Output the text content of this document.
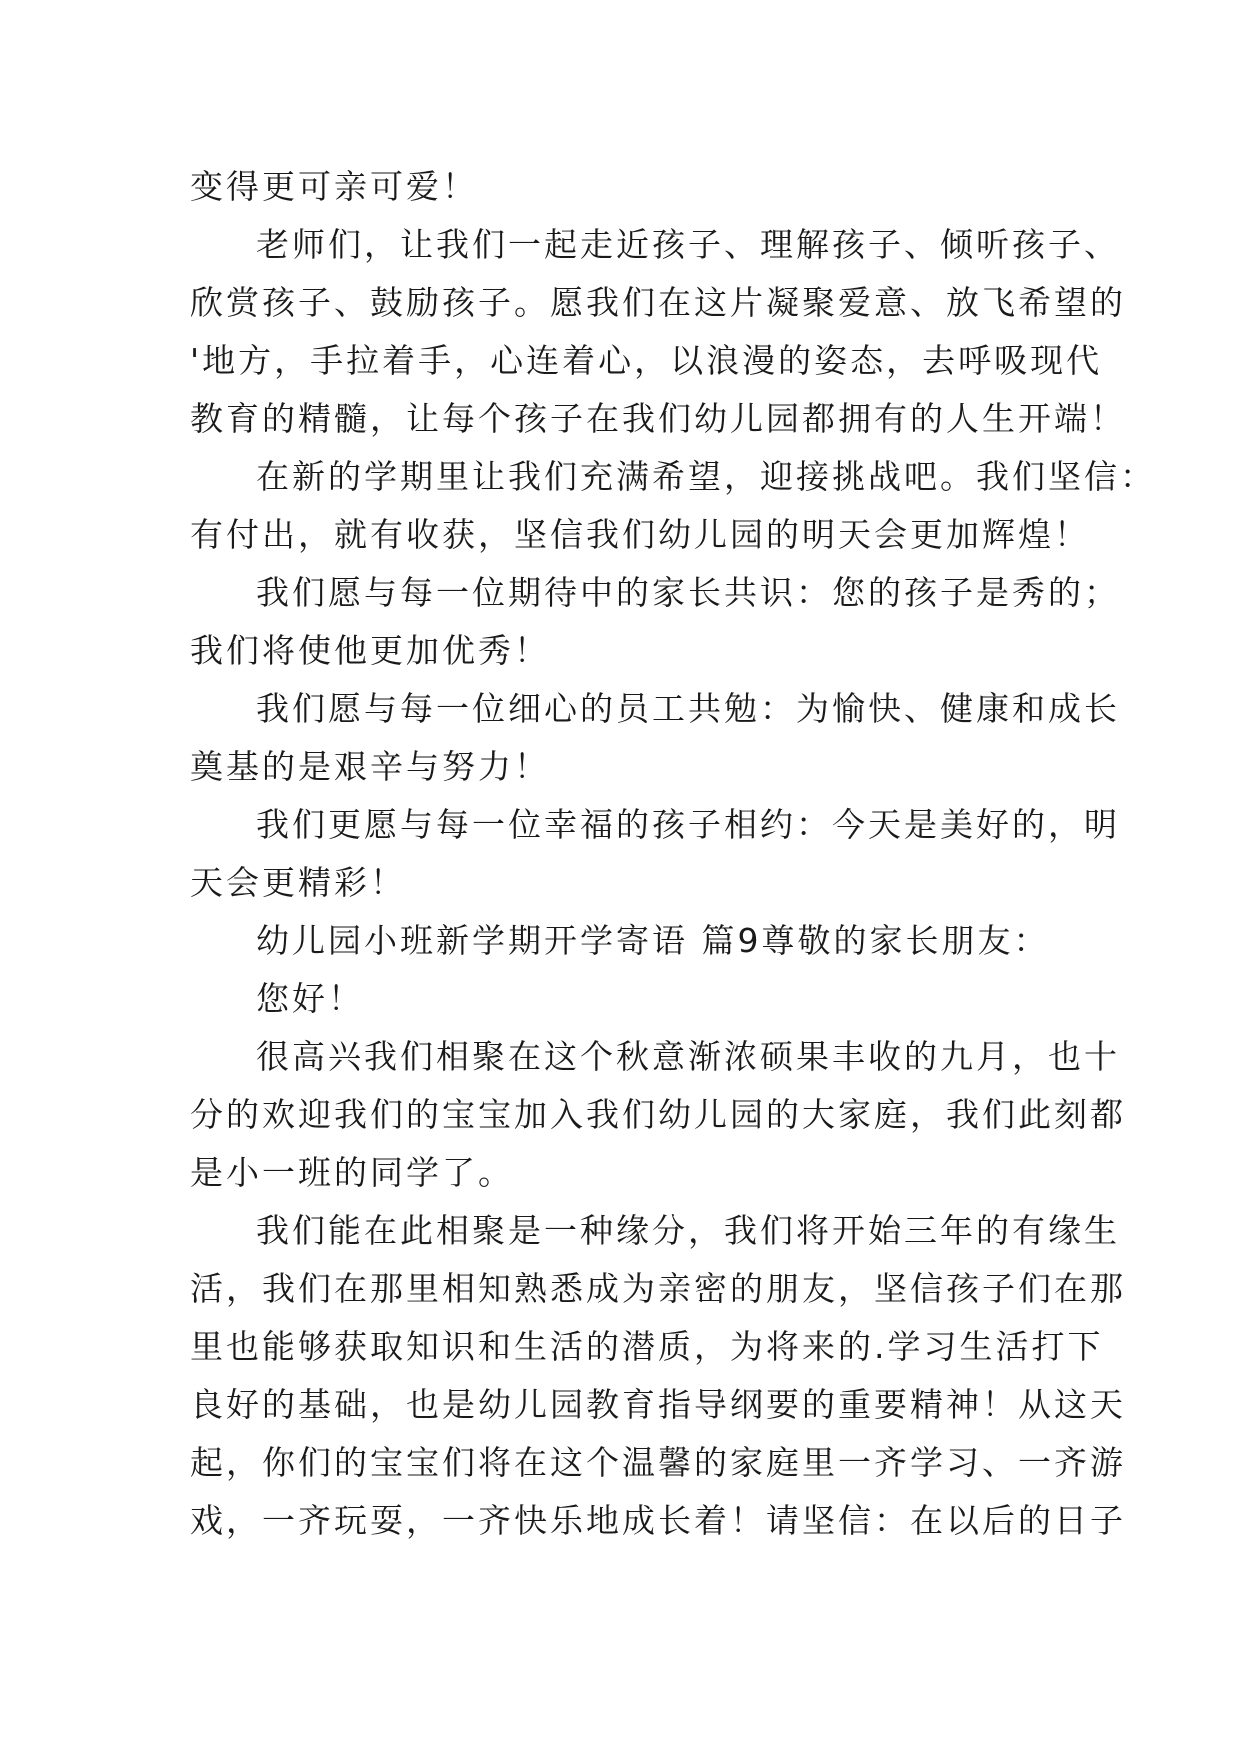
变得更可亲可爱！
老师们，让我们一起走近孩子、理解孩子、倾听孩子、
欣赏孩子、鼓励孩子。愿我们在这片凝聚爱意、放飞希望的
'地方，手拉着手，心连着心，以浪漫的姿态，去呼吸现代
教育的精髓，让每个孩子在我们幼儿园都拥有的人生开端！
在新的学期里让我们充满希望，迎接挑战吧。我们坚信：
有付出，就有收获，坚信我们幼儿园的明天会更加辉煌！
我们愿与每一位期待中的家长共识：您的孩子是秀的；
我们将使他更加优秀！
我们愿与每一位细心的员工共勉：为愉快、健康和成长
奠基的是艰辛与努力！
我们更愿与每一位幸福的孩子相约：今天是美好的，明
天会更精彩！
幼儿园小班新学期开学寄语 篇9尊敬的家长朋友：
您好！
很高兴我们相聚在这个秋意渐浓硕果丰收的九月，也十
分的欢迎我们的宝宝加入我们幼儿园的大家庭，我们此刻都
是小一班的同学了。
我们能在此相聚是一种缘分，我们将开始三年的有缘生
活，我们在那里相知熟悉成为亲密的朋友，坚信孩子们在那
里也能够获取知识和生活的潜质，为将来的.学习生活打下
良好的基础，也是幼儿园教育指导纲要的重要精神！从这天
起，你们的宝宝们将在这个温馨的家庭里一齐学习、一齐游
戏，一齐玩耍，一齐快乐地成长着！请坚信：在以后的日子
